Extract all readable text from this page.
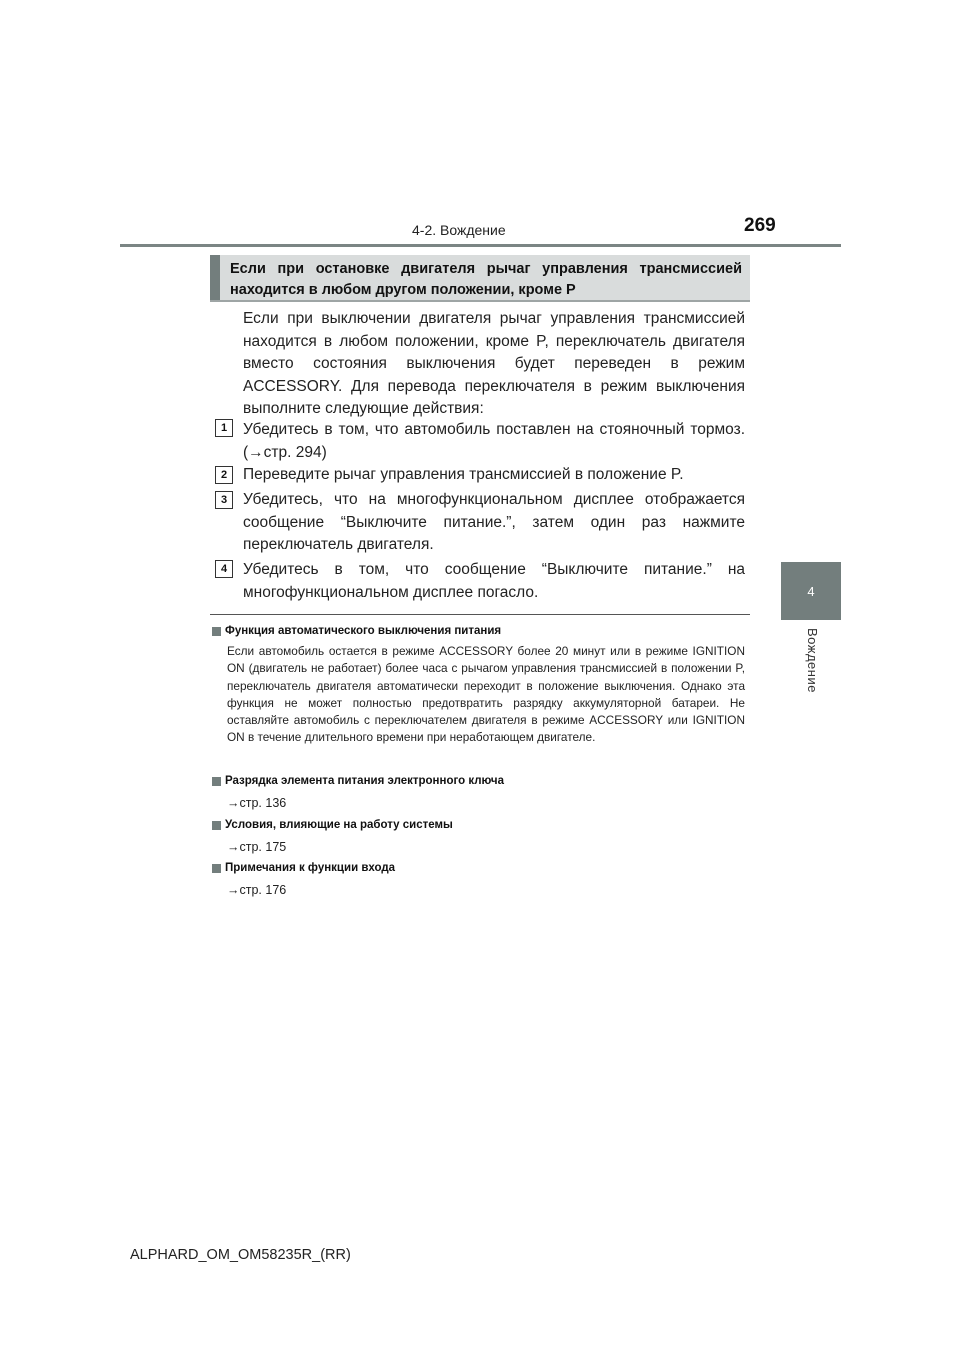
4-2. Вождение	269
4
Вождение
Если при остановке двигателя рычаг управления трансмиссией находится в любом другом положении, кроме P
Если при выключении двигателя рычаг управления трансмиссией находится в любом положении, кроме P, переключатель двигателя вместо состояния выключения будет переведен в режим ACCESSORY. Для перевода переключателя в режим выключения выполните следующие действия:
1	Убедитесь в том, что автомобиль поставлен на стояночный тормоз. (→стр. 294)
2	Переведите рычаг управления трансмиссией в положение P.
3	Убедитесь, что на многофункциональном дисплее отображается сообщение “Выключите питание.”, затем один раз нажмите переключатель двигателя.
4	Убедитесь в том, что сообщение “Выключите питание.” на многофункциональном дисплее погасло.
Функция автоматического выключения питания
Если автомобиль остается в режиме ACCESSORY более 20 минут или в режиме IGNITION ON (двигатель не работает) более часа с рычагом управления трансмиссией в положении P, переключатель двигателя автоматически переходит в положение выключения. Однако эта функция не может полностью предотвратить разрядку аккумуляторной батареи. Не оставляйте автомобиль с переключателем двигателя в режиме ACCESSORY или IGNITION ON в течение длительного времени при неработающем двигателе.
Разрядка элемента питания электронного ключа
→стр. 136
Условия, влияющие на работу системы
→стр. 175
Примечания к функции входа
→стр. 176
ALPHARD_OM_OM58235R_(RR)
